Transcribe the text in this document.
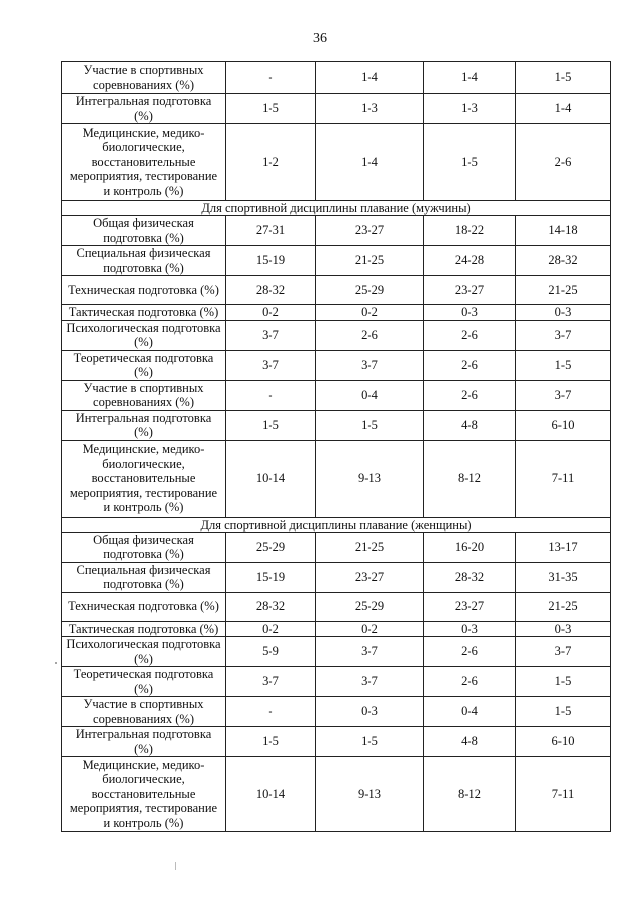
36
Участие в спортивных соревнованиях (%)	-	1-4	1-4	1-5
Интегральная подготовка (%)	1-5	1-3	1-3	1-4
Медицинские, медико-биологические, восстановительные мероприятия, тестирование и контроль (%)	1-2	1-4	1-5	2-6
Для спортивной дисциплины плавание (мужчины)				
Общая физическая подготовка (%)	27-31	23-27	18-22	14-18
Специальная физическая подготовка (%)	15-19	21-25	24-28	28-32
Техническая подготовка (%)	28-32	25-29	23-27	21-25
Тактическая подготовка (%)	0-2	0-2	0-3	0-3
Психологическая подготовка (%)	3-7	2-6	2-6	3-7
Теоретическая подготовка (%)	3-7	3-7	2-6	1-5
Участие в спортивных соревнованиях (%)	-	0-4	2-6	3-7
Интегральная подготовка (%)	1-5	1-5	4-8	6-10
Медицинские, медико-биологические, восстановительные мероприятия, тестирование и контроль (%)	10-14	9-13	8-12	7-11
Для спортивной дисциплины плавание (женщины)				
Общая физическая подготовка (%)	25-29	21-25	16-20	13-17
Специальная физическая подготовка (%)	15-19	23-27	28-32	31-35
Техническая подготовка (%)	28-32	25-29	23-27	21-25
Тактическая подготовка (%)	0-2	0-2	0-3	0-3
Психологическая подготовка (%)	5-9	3-7	2-6	3-7
Теоретическая подготовка (%)	3-7	3-7	2-6	1-5
Участие в спортивных соревнованиях (%)	-	0-3	0-4	1-5
Интегральная подготовка (%)	1-5	1-5	4-8	6-10
Медицинские, медико-биологические, восстановительные мероприятия, тестирование и контроль (%)	10-14	9-13	8-12	7-11
